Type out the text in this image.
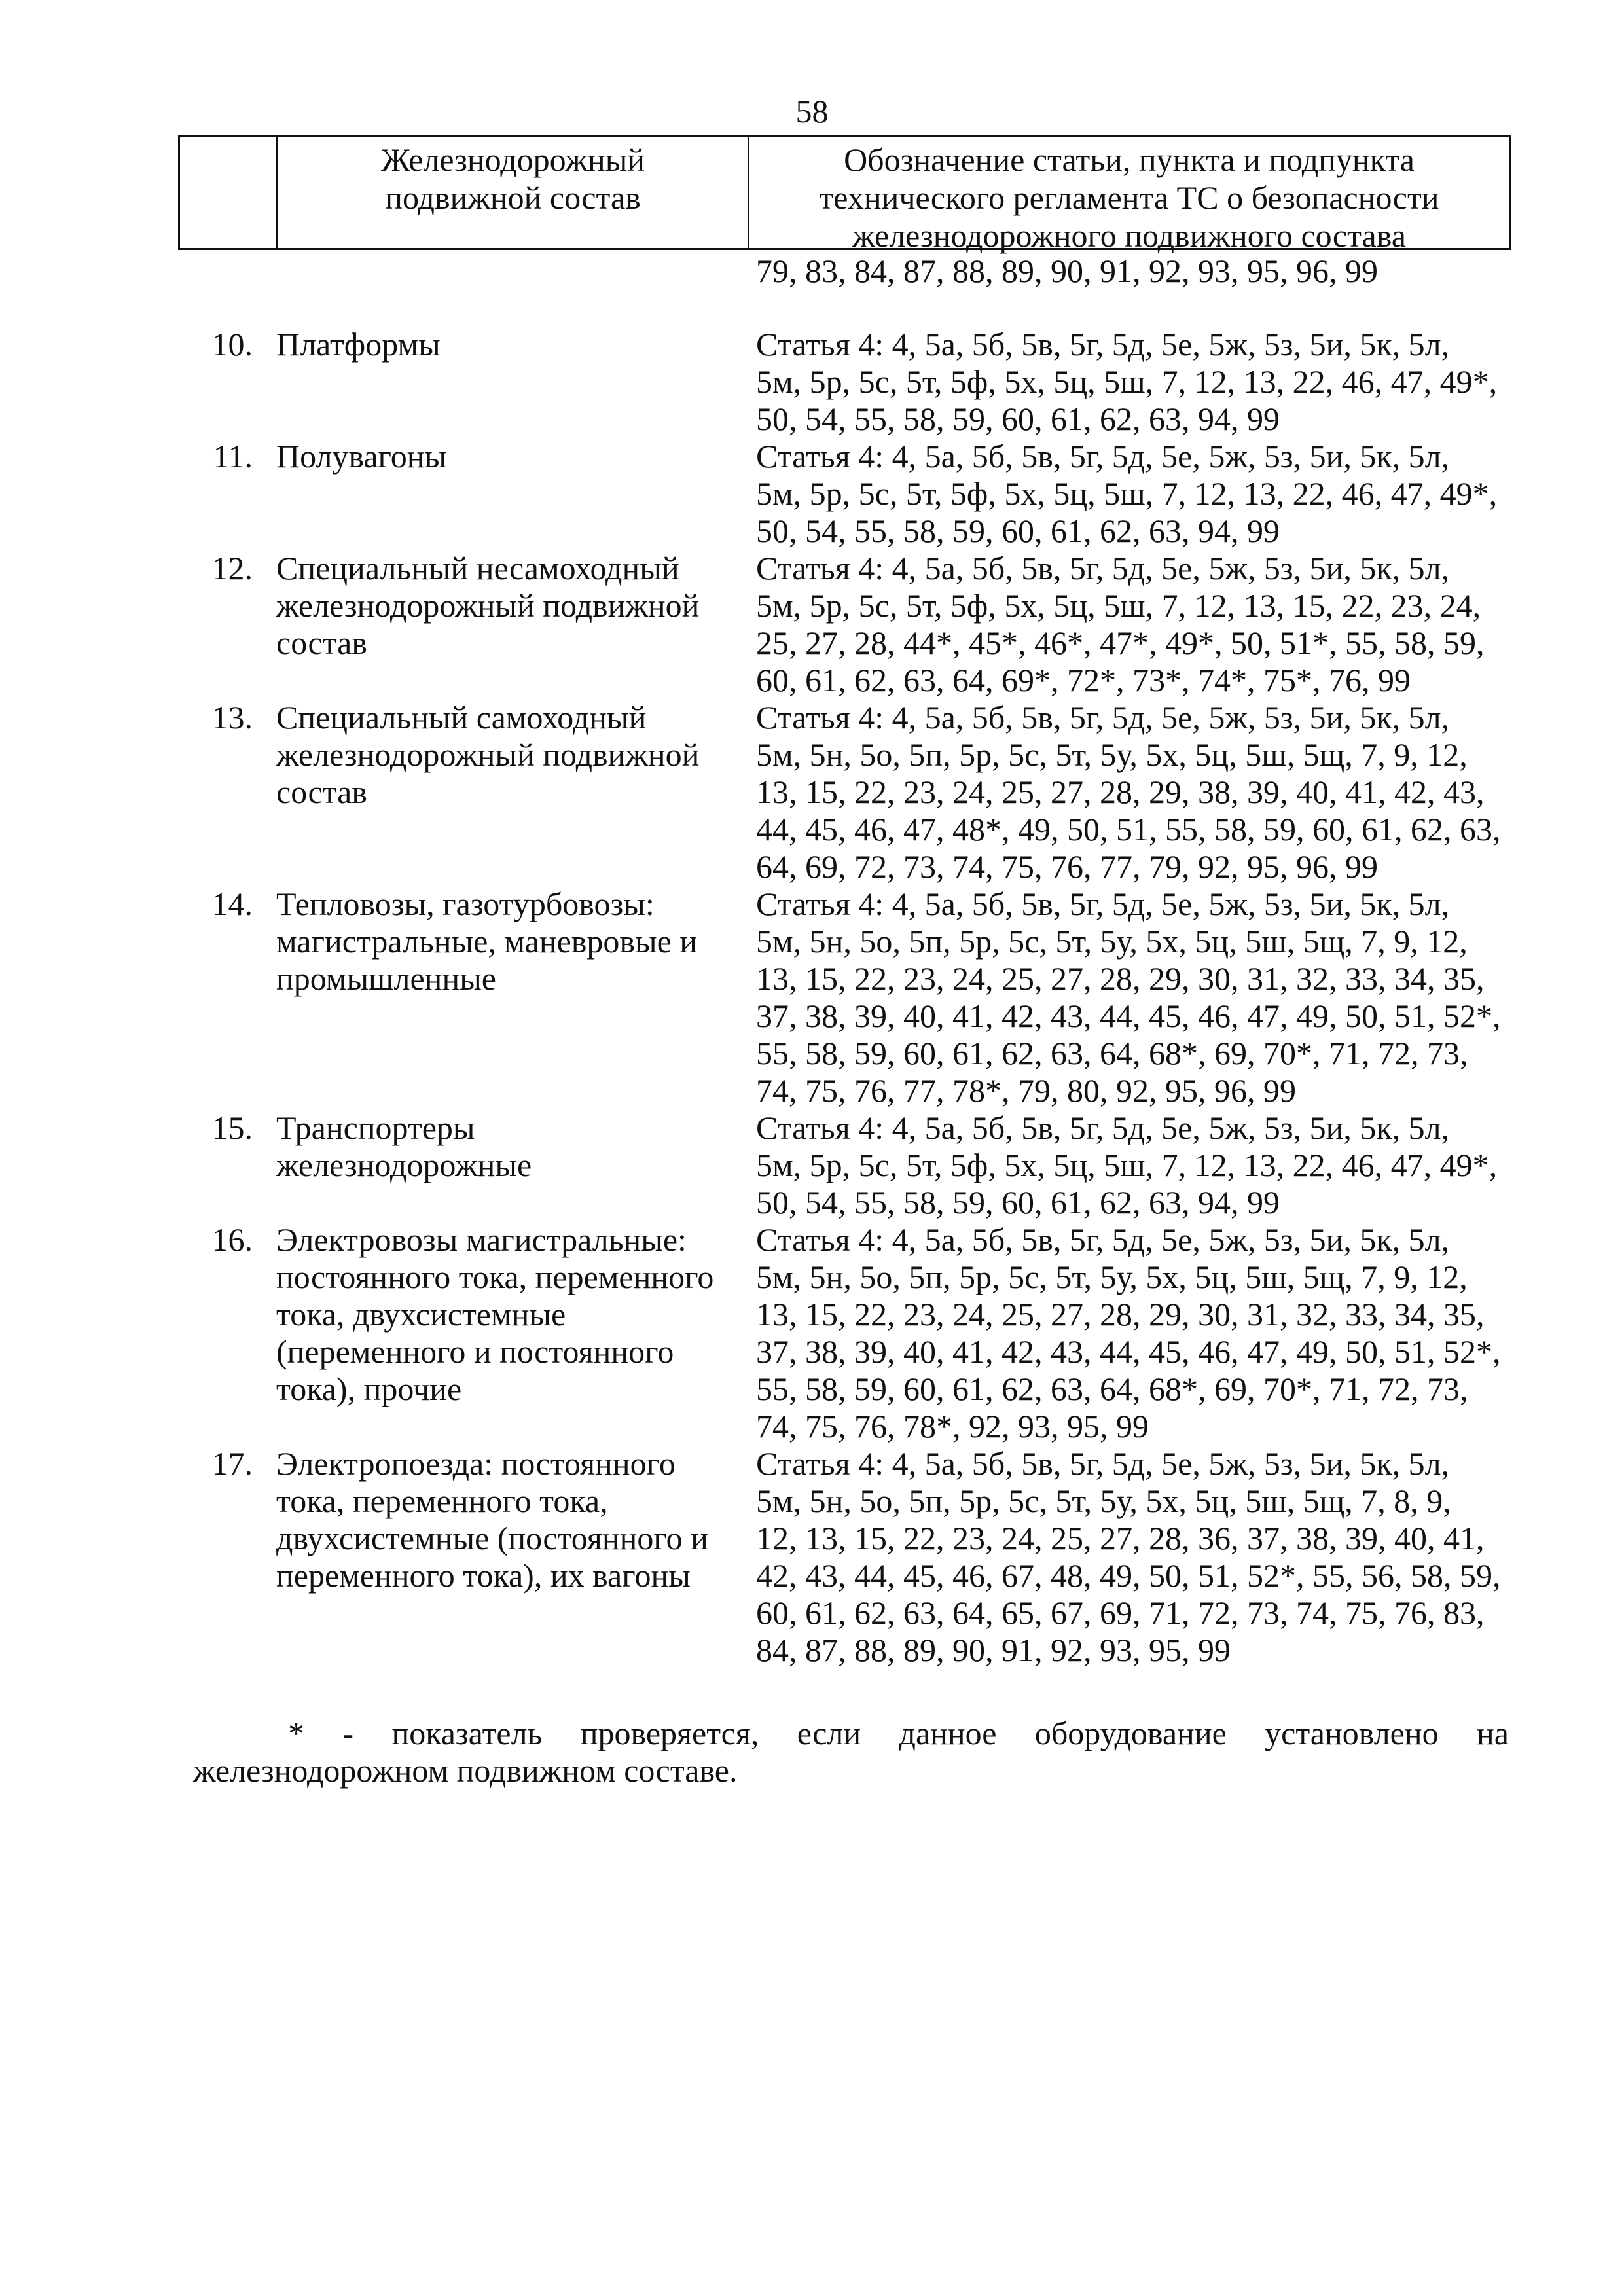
58
Железнодорожный
подвижной состав
Обозначение статьи, пункта и подпункта
технического регламента ТС о безопасности
железнодорожного подвижного состава
79, 83, 84, 87, 88, 89, 90, 91, 92, 93, 95, 96, 99
10. Платформы	Статья 4: 4, 5а, 5б, 5в, 5г, 5д, 5е, 5ж, 5з, 5и, 5к, 5л,
5м, 5р, 5с, 5т, 5ф, 5х, 5ц, 5ш, 7, 12, 13, 22, 46, 47, 49*,
50, 54, 55, 58, 59, 60, 61, 62, 63, 94, 99
11. Полувагоны	Статья 4: 4, 5а, 5б, 5в, 5г, 5д, 5е, 5ж, 5з, 5и, 5к, 5л,
5м, 5р, 5с, 5т, 5ф, 5х, 5ц, 5ш, 7, 12, 13, 22, 46, 47, 49*,
50, 54, 55, 58, 59, 60, 61, 62, 63, 94, 99
12. Специальный несамоходный
железнодорожный подвижной
состав
Статья 4: 4, 5а, 5б, 5в, 5г, 5д, 5е, 5ж, 5з, 5и, 5к, 5л,
5м, 5р, 5с, 5т, 5ф, 5х, 5ц, 5ш, 7, 12, 13, 15, 22, 23, 24,
25, 27, 28, 44*, 45*, 46*, 47*, 49*, 50, 51*, 55, 58, 59,
60, 61, 62, 63, 64, 69*, 72*, 73*, 74*, 75*, 76, 99
13. Специальный самоходный
железнодорожный подвижной
состав
Статья 4: 4, 5а, 5б, 5в, 5г, 5д, 5е, 5ж, 5з, 5и, 5к, 5л,
5м, 5н, 5о, 5п, 5р, 5с, 5т, 5у, 5х, 5ц, 5ш, 5щ, 7, 9, 12,
13, 15, 22, 23, 24, 25, 27, 28, 29, 38, 39, 40, 41, 42, 43,
44, 45, 46, 47, 48*, 49, 50, 51, 55, 58, 59, 60, 61, 62, 63,
64, 69, 72, 73, 74, 75, 76, 77, 79, 92, 95, 96, 99
14. Тепловозы, газотурбовозы:
магистральные, маневровые и
промышленные
Статья 4: 4, 5а, 5б, 5в, 5г, 5д, 5е, 5ж, 5з, 5и, 5к, 5л,
5м, 5н, 5о, 5п, 5р, 5с, 5т, 5у, 5х, 5ц, 5ш, 5щ, 7, 9, 12,
13, 15, 22, 23, 24, 25, 27, 28, 29, 30, 31, 32, 33, 34, 35,
37, 38, 39, 40, 41, 42, 43, 44, 45, 46, 47, 49, 50, 51, 52*,
55, 58, 59, 60, 61, 62, 63, 64, 68*, 69, 70*, 71, 72, 73,
74, 75, 76, 77, 78*, 79, 80, 92, 95, 96, 99
15. Транспортеры
железнодорожные
Статья 4: 4, 5а, 5б, 5в, 5г, 5д, 5е, 5ж, 5з, 5и, 5к, 5л,
5м, 5р, 5с, 5т, 5ф, 5х, 5ц, 5ш, 7, 12, 13, 22, 46, 47, 49*,
50, 54, 55, 58, 59, 60, 61, 62, 63, 94, 99
16. Электровозы магистральные:
постоянного тока, переменного
тока, двухсистемные
(переменного и постоянного
тока), прочие
Статья 4: 4, 5а, 5б, 5в, 5г, 5д, 5е, 5ж, 5з, 5и, 5к, 5л,
5м, 5н, 5о, 5п, 5р, 5с, 5т, 5у, 5х, 5ц, 5ш, 5щ, 7, 9, 12,
13, 15, 22, 23, 24, 25, 27, 28, 29, 30, 31, 32, 33, 34, 35,
37, 38, 39, 40, 41, 42, 43, 44, 45, 46, 47, 49, 50, 51, 52*,
55, 58, 59, 60, 61, 62, 63, 64, 68*, 69, 70*, 71, 72, 73,
74, 75, 76, 78*, 92, 93, 95, 99
17. Электропоезда: постоянного
тока, переменного тока,
двухсистемные (постоянного и
переменного тока), их вагоны
Статья 4: 4, 5а, 5б, 5в, 5г, 5д, 5е, 5ж, 5з, 5и, 5к, 5л,
5м, 5н, 5о, 5п, 5р, 5с, 5т, 5у, 5х, 5ц, 5ш, 5щ, 7, 8, 9,
12, 13, 15, 22, 23, 24, 25, 27, 28, 36, 37, 38, 39, 40, 41,
42, 43, 44, 45, 46, 67, 48, 49, 50, 51, 52*, 55, 56, 58, 59,
60, 61, 62, 63, 64, 65, 67, 69, 71, 72, 73, 74, 75, 76, 83,
84, 87, 88, 89, 90, 91, 92, 93, 95, 99
* - показатель проверяется, если данное оборудование установлено на
железнодорожном подвижном составе.
